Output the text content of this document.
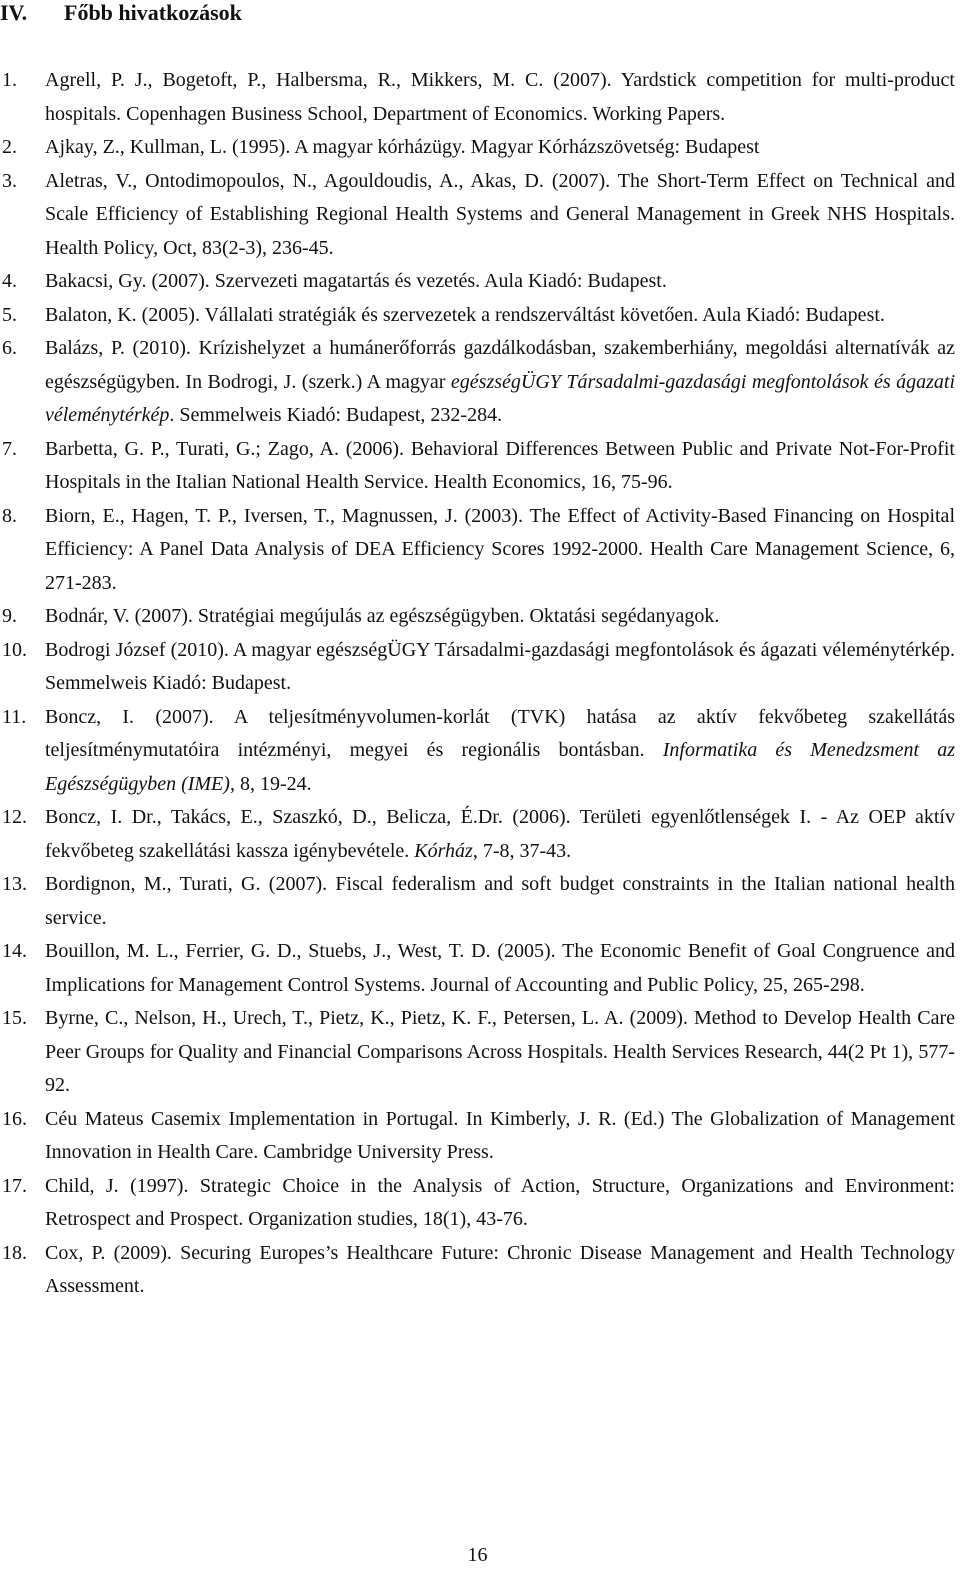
IV. Főbb hivatkozások
1.	Agrell, P. J., Bogetoft, P., Halbersma, R., Mikkers, M. C. (2007). Yardstick competition for multi-product hospitals. Copenhagen Business School, Department of Economics. Working Papers.
2.	Ajkay, Z., Kullman, L. (1995). A magyar kórházügy. Magyar Kórházszövetség: Budapest
3.	Aletras, V., Ontodimopoulos, N., Agouldoudis, A., Akas, D. (2007). The Short-Term Effect on Technical and Scale Efficiency of Establishing Regional Health Systems and General Management in Greek NHS Hospitals. Health Policy, Oct, 83(2-3), 236-45.
4.	Bakacsi, Gy. (2007). Szervezeti magatartás és vezetés. Aula Kiadó: Budapest.
5.	Balaton, K. (2005). Vállalati stratégiák és szervezetek a rendszerváltást követően. Aula Kiadó: Budapest.
6.	Balázs, P. (2010). Krízishelyzet a humánerőforrás gazdálkodásban, szakemberhiány, megoldási alternatívák az egészségügyben. In Bodrogi, J. (szerk.) A magyar egészségÜGY Társadalmi-gazdasági megfontolások és ágazati véleménytérkép. Semmelweis Kiadó: Budapest, 232-284.
7.	Barbetta, G. P., Turati, G.; Zago, A. (2006). Behavioral Differences Between Public and Private Not-For-Profit Hospitals in the Italian National Health Service. Health Economics, 16, 75-96.
8.	Biorn, E., Hagen, T. P., Iversen, T., Magnussen, J. (2003). The Effect of Activity-Based Financing on Hospital Efficiency: A Panel Data Analysis of DEA Efficiency Scores 1992-2000. Health Care Management Science, 6, 271-283.
9.	Bodnár, V. (2007). Stratégiai megújulás az egészségügyben. Oktatási segédanyagok.
10. Bodrogi József (2010). A magyar egészségÜGY Társadalmi-gazdasági megfontolások és ágazati véleménytérkép. Semmelweis Kiadó: Budapest.
11. Boncz, I. (2007). A teljesítményvolumen-korlát (TVK) hatása az aktív fekvőbeteg szakellátás teljesítménymutatóira intézményi, megyei és regionális bontásban. Informatika és Menedzsment az Egészségügyben (IME), 8, 19-24.
12. Boncz, I. Dr., Takács, E., Szaszkó, D., Belicza, É.Dr. (2006). Területi egyenlőtlenségek I. - Az OEP aktív fekvőbeteg szakellátási kassza igénybevétele. Kórház, 7-8, 37-43.
13. Bordignon, M., Turati, G. (2007). Fiscal federalism and soft budget constraints in the Italian national health service.
14. Bouillon, M. L., Ferrier, G. D., Stuebs, J., West, T. D. (2005). The Economic Benefit of Goal Congruence and Implications for Management Control Systems. Journal of Accounting and Public Policy, 25, 265-298.
15. Byrne, C., Nelson, H., Urech, T., Pietz, K., Pietz, K. F., Petersen, L. A. (2009). Method to Develop Health Care Peer Groups for Quality and Financial Comparisons Across Hospitals. Health Services Research, 44(2 Pt 1), 577-92.
16. Céu Mateus Casemix Implementation in Portugal. In Kimberly, J. R. (Ed.) The Globalization of Management Innovation in Health Care. Cambridge University Press.
17. Child, J. (1997). Strategic Choice in the Analysis of Action, Structure, Organizations and Environment: Retrospect and Prospect. Organization studies, 18(1), 43-76.
18. Cox, P. (2009). Securing Europes’s Healthcare Future: Chronic Disease Management and Health Technology Assessment.
16
